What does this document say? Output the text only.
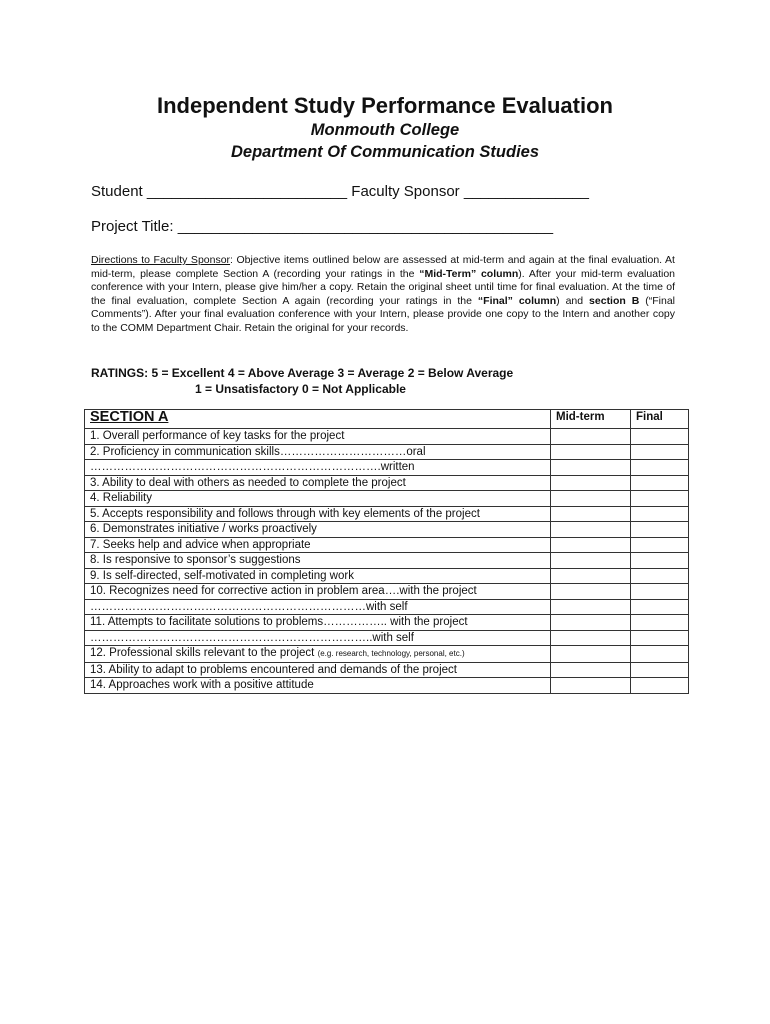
Independent Study Performance Evaluation
Monmouth College
Department Of Communication Studies
Student ________________________ Faculty Sponsor _______________
Project Title: _____________________________________________
Directions to Faculty Sponsor: Objective items outlined below are assessed at mid-term and again at the final evaluation. At mid-term, please complete Section A (recording your ratings in the “Mid-Term” column). After your mid-term evaluation conference with your Intern, please give him/her a copy. Retain the original sheet until time for final evaluation. At the time of the final evaluation, complete Section A again (recording your ratings in the “Final” column) and section B (“Final Comments”). After your final evaluation conference with your Intern, please provide one copy to the Intern and another copy to the COMM Department Chair. Retain the original for your records.
RATINGS: 5 = Excellent 4 = Above Average 3 = Average 2 = Below Average
1 = Unsatisfactory 0 = Not Applicable
SECTION A	Mid-term	Final
1. Overall performance of key tasks for the project		
2. Proficiency in communication skills……………………………oral		
………………………………………………………………….written		
3. Ability to deal with others as needed to complete the project		
4. Reliability		
5. Accepts responsibility and follows through with key elements of the project		
6. Demonstrates initiative / works proactively		
7. Seeks help and advice when appropriate		
8. Is responsive to sponsor’s suggestions		
9. Is self-directed, self-motivated in completing work		
10. Recognizes need for corrective action in problem area….with the project		
………………………………………………………………with self		
11. Attempts to facilitate solutions to problems…………….. with the project		
………………………………………………………………..with self		
12. Professional skills relevant to the project (e.g. research, technology, personal, etc.)		
13. Ability to adapt to problems encountered and demands of the project		
14. Approaches work with a positive attitude		
